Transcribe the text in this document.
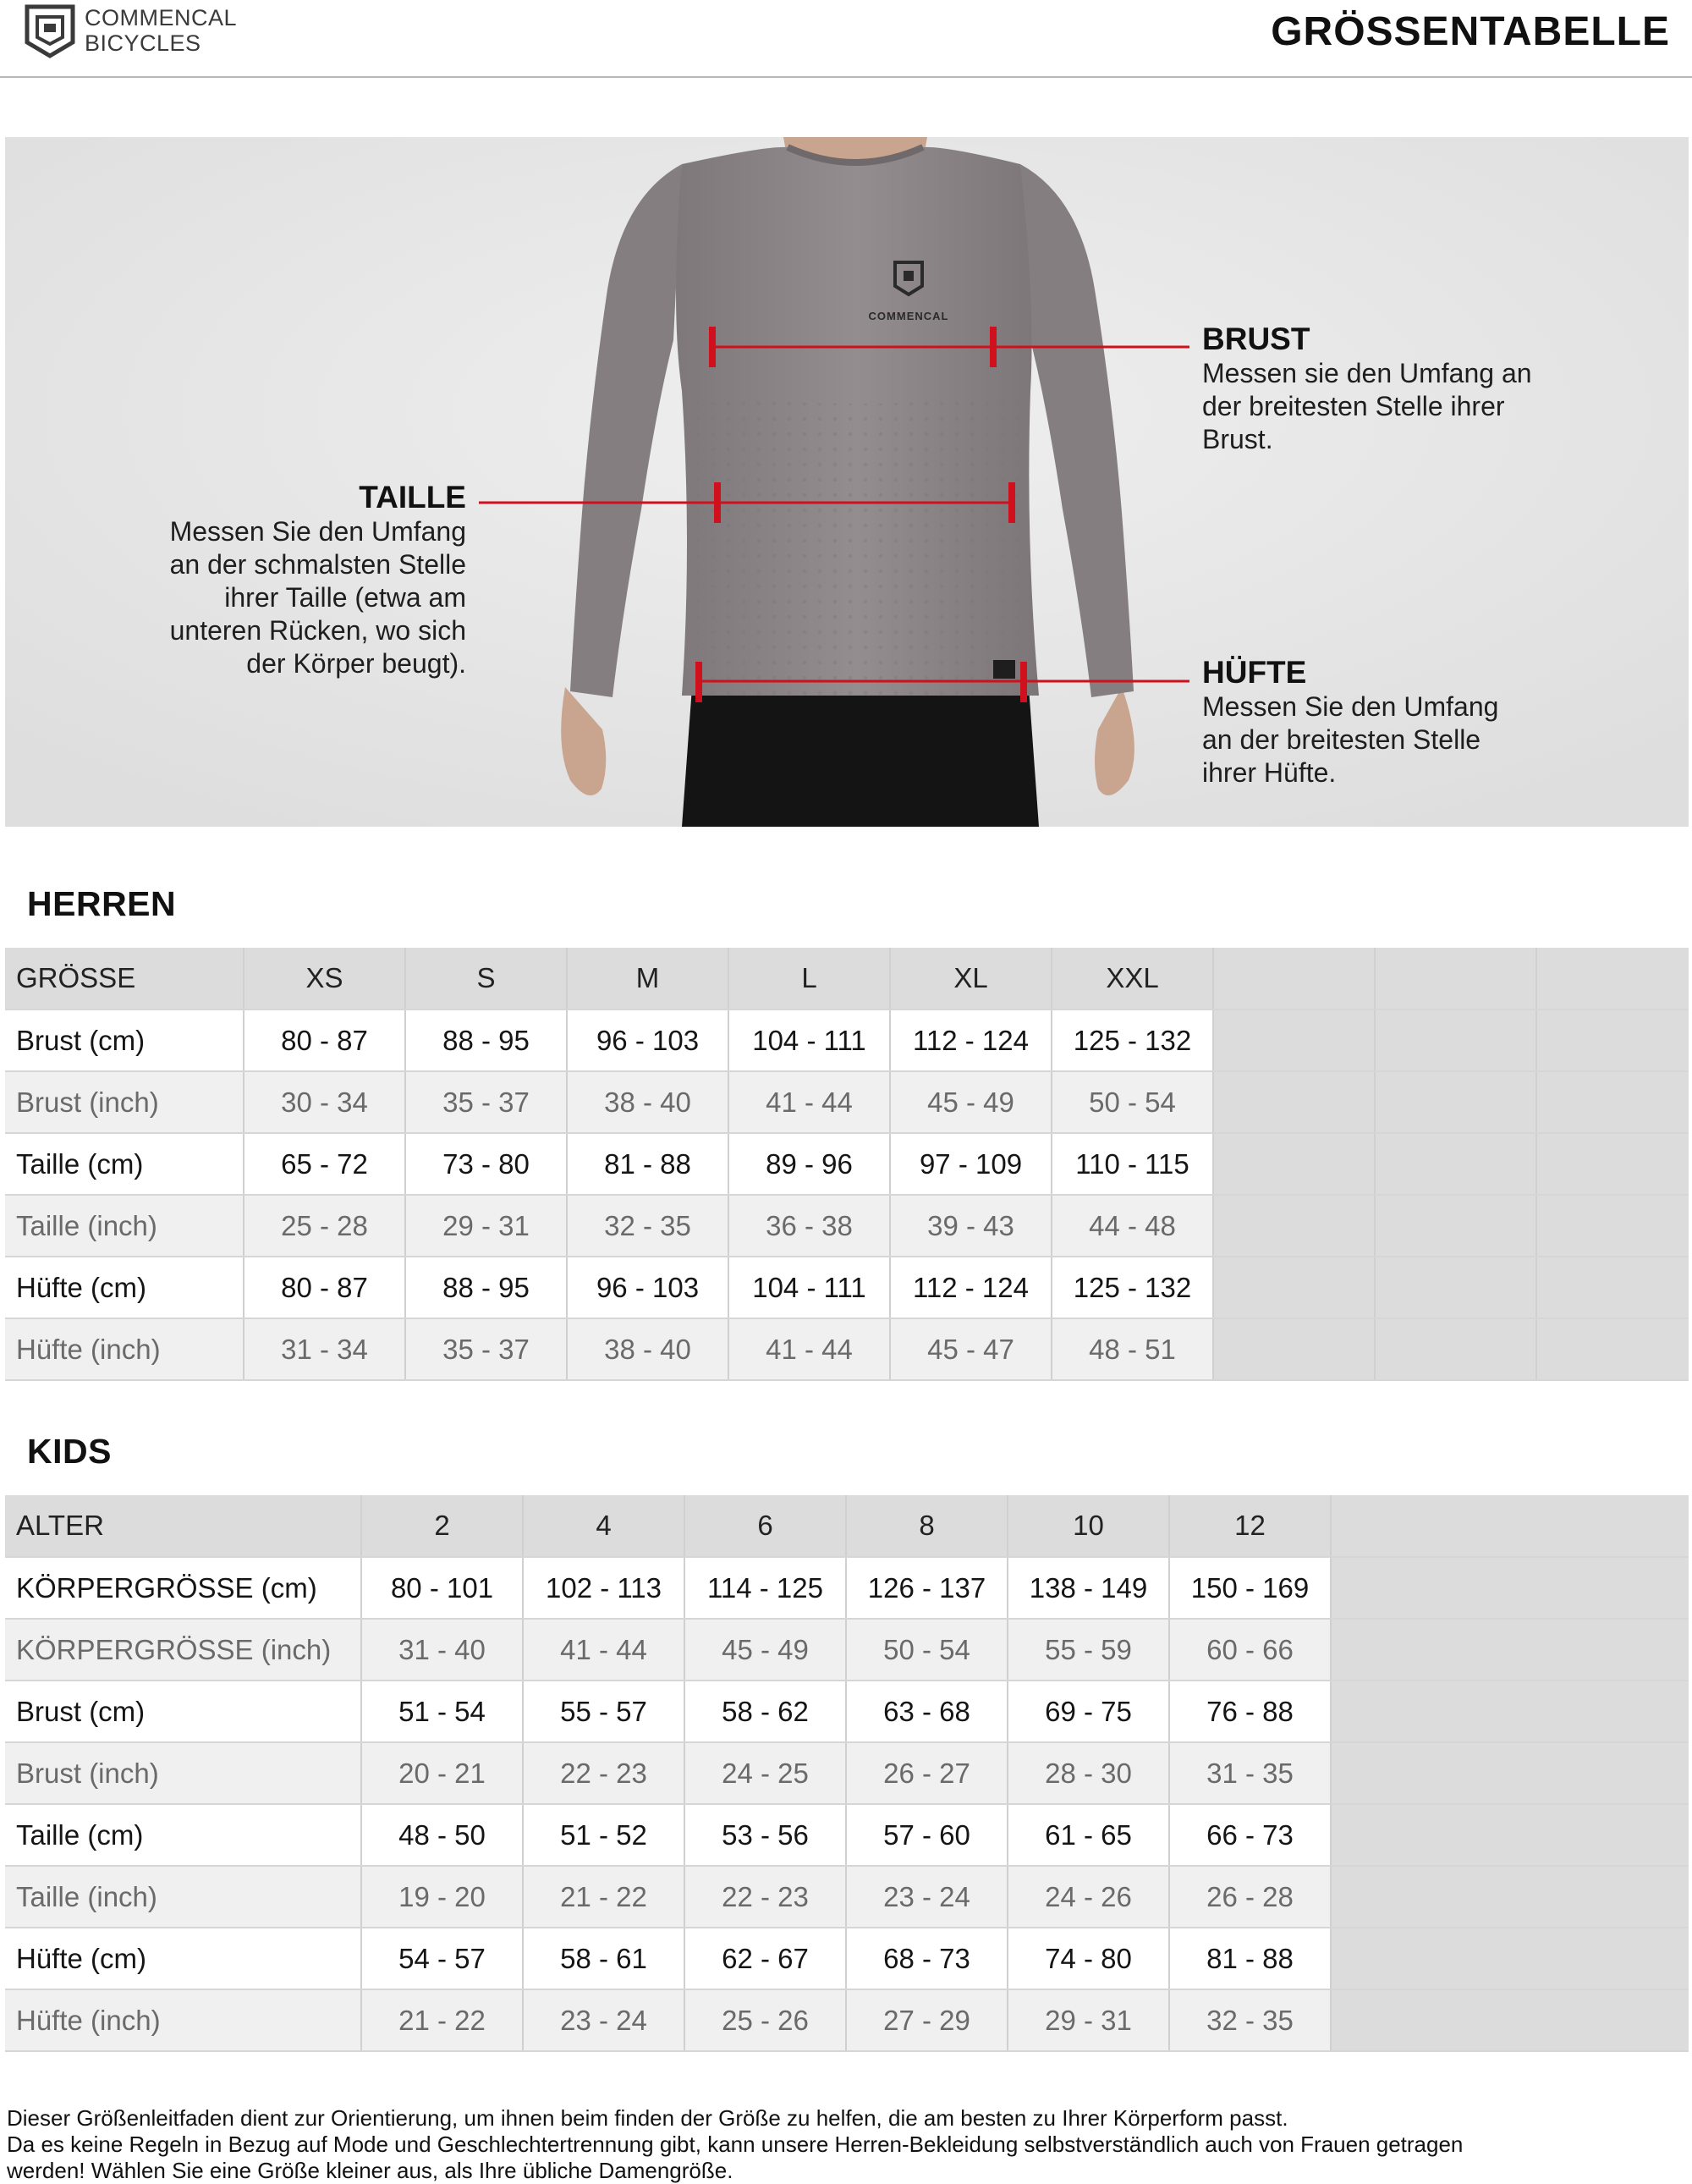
COMMENCAL
BICYCLES	GRÖSSENTABELLE
COMMENCAL
BRUST
Messen sie den Umfang an
der breitesten Stelle ihrer
Brust.
TAILLE
Messen Sie den Umfang
an der schmalsten Stelle
ihrer Taille (etwa am
unteren Rücken, wo sich
der Körper beugt).	HÜFTE
Messen Sie den Umfang
an der breitesten Stelle
ihrer Hüfte.
HERREN
GRÖSSE	XS	S	M	L	XL	XXL			
Brust (cm)	80 - 87	88 - 95	96 - 103	104 - 111	112 - 124	125 - 132			
Brust (inch)	30 - 34	35 - 37	38 - 40	41 - 44	45 - 49	50 - 54			
Taille (cm)	65 - 72	73 - 80	81 - 88	89 - 96	97 - 109	110 - 115			
Taille (inch)	25 - 28	29 - 31	32 - 35	36 - 38	39 - 43	44 - 48			
Hüfte (cm)	80 - 87	88 - 95	96 - 103	104 - 111	112 - 124	125 - 132			
Hüfte (inch)	31 - 34	35 - 37	38 - 40	41 - 44	45 - 47	48 - 51			
KIDS
ALTER	2	4	6	8	10	12	
KÖRPERGRÖSSE (cm)	80 - 101	102 - 113	114 - 125	126 - 137	138 - 149	150 - 169	
KÖRPERGRÖSSE (inch)	31 - 40	41 - 44	45 - 49	50 - 54	55 - 59	60 - 66	
Brust (cm)	51 - 54	55 - 57	58 - 62	63 - 68	69 - 75	76 - 88	
Brust (inch)	20 - 21	22 - 23	24 - 25	26 - 27	28 - 30	31 - 35	
Taille (cm)	48 - 50	51 - 52	53 - 56	57 - 60	61 - 65	66 - 73	
Taille (inch)	19 - 20	21 - 22	22 - 23	23 - 24	24 - 26	26 - 28	
Hüfte (cm)	54 - 57	58 - 61	62 - 67	68 - 73	74 - 80	81 - 88	
Hüfte (inch)	21 - 22	23 - 24	25 - 26	27 - 29	29 - 31	32 - 35	
Dieser Größenleitfaden dient zur Orientierung, um ihnen beim finden der Größe zu helfen, die am besten zu Ihrer Körperform passt.
Da es keine Regeln in Bezug auf Mode und Geschlechtertrennung gibt, kann unsere Herren-Bekleidung selbstverständlich auch von Frauen getragen
werden! Wählen Sie eine Größe kleiner aus, als Ihre übliche Damengröße.
